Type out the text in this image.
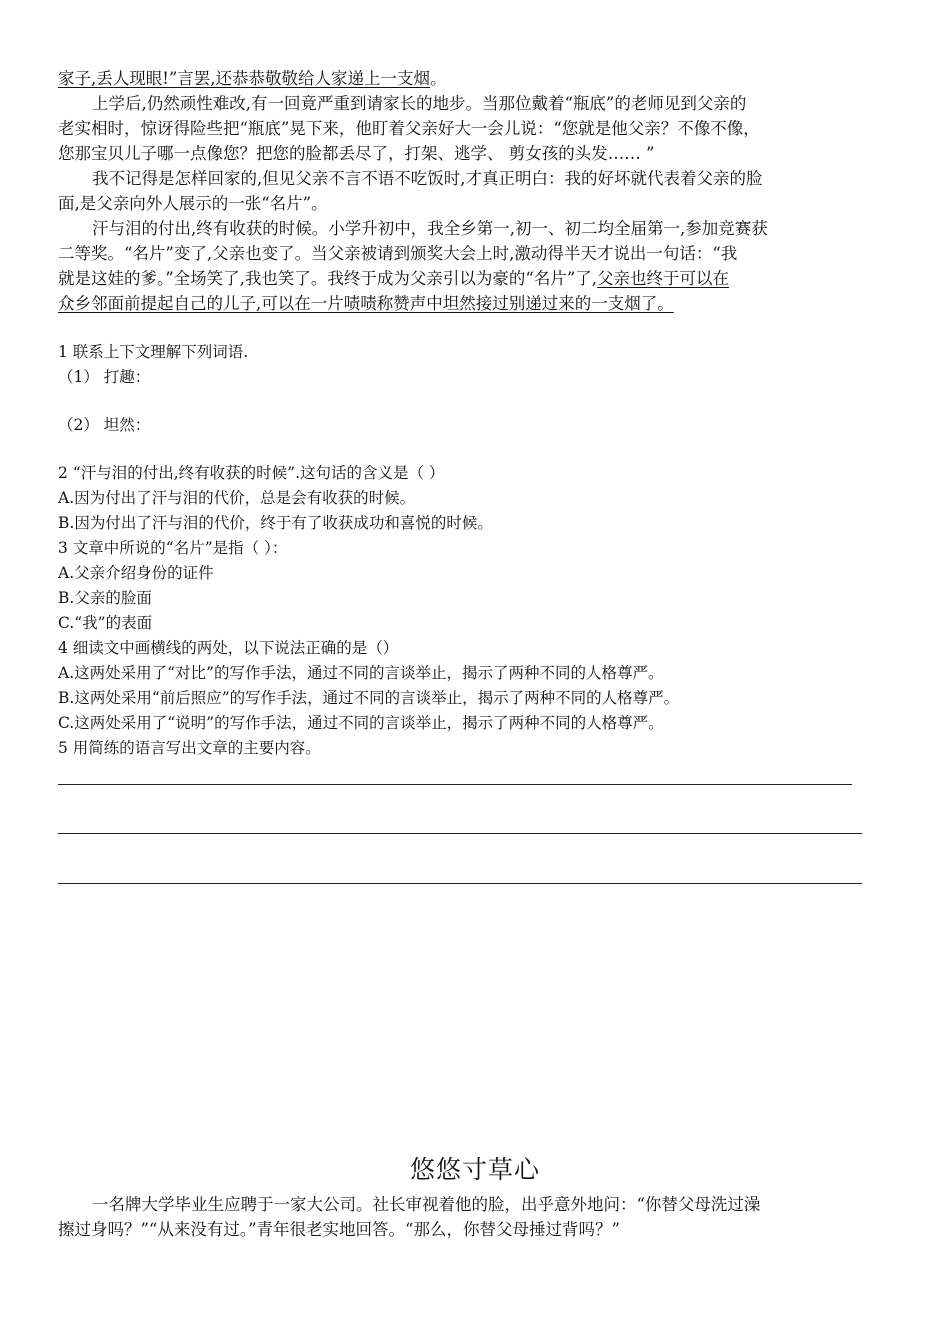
家子,丢人现眼!”言罢,还恭恭敬敬给人家递上一支烟。
上学后,仍然顽性难改,有一回竟严重到请家长的地步。当那位戴着“瓶底”的老师见到父亲的
老实相时，惊讶得险些把“瓶底”晃下来，他盯着父亲好大一会儿说：“您就是他父亲？不像不像，
您那宝贝儿子哪一点像您？把您的脸都丢尽了，打架、逃学、 剪女孩的头发…… ”
我不记得是怎样回家的,但见父亲不言不语不吃饭时,才真正明白：我的好坏就代表着父亲的脸
面,是父亲向外人展示的一张“名片”。
汗与泪的付出,终有收获的时候。小学升初中，我全乡第一,初一、初二均全届第一,参加竞赛获
二等奖。“名片”变了,父亲也变了。当父亲被请到颁奖大会上时,激动得半天才说出一句话：“我
就是这娃的爹。”全场笑了,我也笑了。我终于成为父亲引以为豪的“名片”了,父亲也终于可以在
众乡邻面前提起自己的儿子,可以在一片啧啧称赞声中坦然接过别递过来的一支烟了。
1 联系上下文理解下列词语.
（1） 打趣：
（2） 坦然：
2 “汗与泪的付出,终有收获的时候”.这句话的含义是（ ）
A.因为付出了汗与泪的代价，总是会有收获的时候。
B.因为付出了汗与泪的代价，终于有了收获成功和喜悦的时候。
3 文章中所说的“名片”是指（ ）：
A.父亲介绍身份的证件
B.父亲的脸面
C.“我”的表面
4 细读文中画横线的两处，以下说法正确的是（）
A.这两处采用了“对比”的写作手法，通过不同的言谈举止，揭示了两种不同的人格尊严。
B.这两处采用“前后照应”的写作手法，通过不同的言谈举止，揭示了两种不同的人格尊严。
C.这两处采用了“说明”的写作手法，通过不同的言谈举止，揭示了两种不同的人格尊严。
5 用简练的语言写出文章的主要内容。
悠悠寸草心
一名牌大学毕业生应聘于一家大公司。社长审视着他的脸，出乎意外地问：“你替父母洗过澡
擦过身吗？”“从来没有过。”青年很老实地回答。“那么，你替父母捶过背吗？”
